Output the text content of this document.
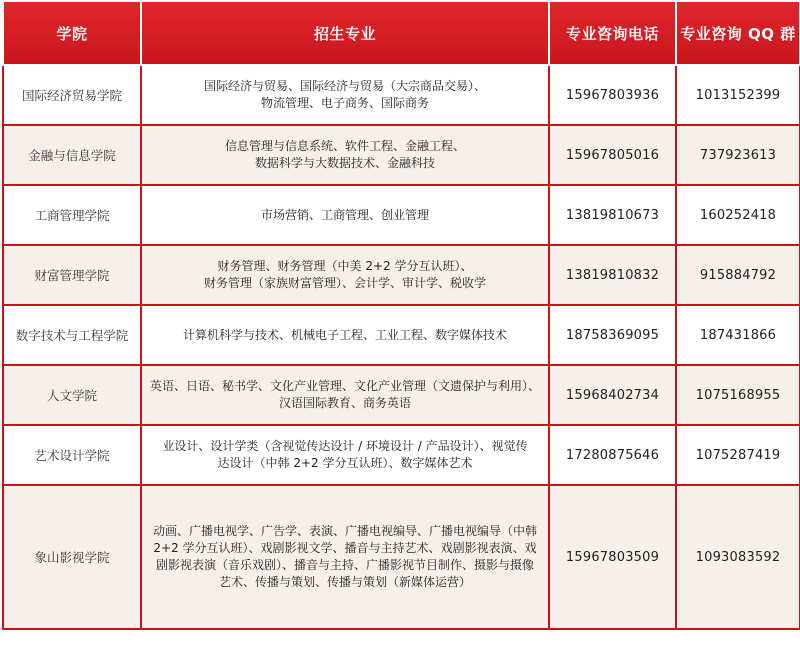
学院	招生专业	专业咨询电话	专业咨询 QQ 群
国际经济贸易学院	国际经济与贸易、国际经济与贸易（大宗商品交易）、
物流管理、电子商务、国际商务	15967803936	1013152399
金融与信息学院	信息管理与信息系统、软件工程、金融工程、
数据科学与大数据技术、金融科技	15967805016	737923613
工商管理学院	市场营销、工商管理、创业管理	13819810673	160252418
财富管理学院	财务管理、财务管理（中美 2+2 学分互认班）、
财务管理（家族财富管理）、会计学、审计学、税收学	13819810832	915884792
数字技术与工程学院	计算机科学与技术、机械电子工程、工业工程、数字媒体技术	18758369095	187431866
人文学院	英语、日语、秘书学、文化产业管理、文化产业管理（文遗保护与利用）、
汉语国际教育、商务英语	15968402734	1075168955
艺术设计学院	业设计、设计学类（含视觉传达设计 / 环境设计 / 产品设计）、视觉传
达设计（中韩 2+2 学分互认班）、数字媒体艺术	17280875646	1075287419
象山影视学院	动画、广播电视学、广告学、表演、广播电视编导、广播电视编导（中韩
2+2 学分互认班）、戏剧影视文学、播音与主持艺术、戏剧影视表演、戏
剧影视表演（音乐戏剧）、播音与主持、广播影视节目制作、摄影与摄像
艺术、传播与策划、传播与策划（新媒体运营）	15967803509	1093083592
